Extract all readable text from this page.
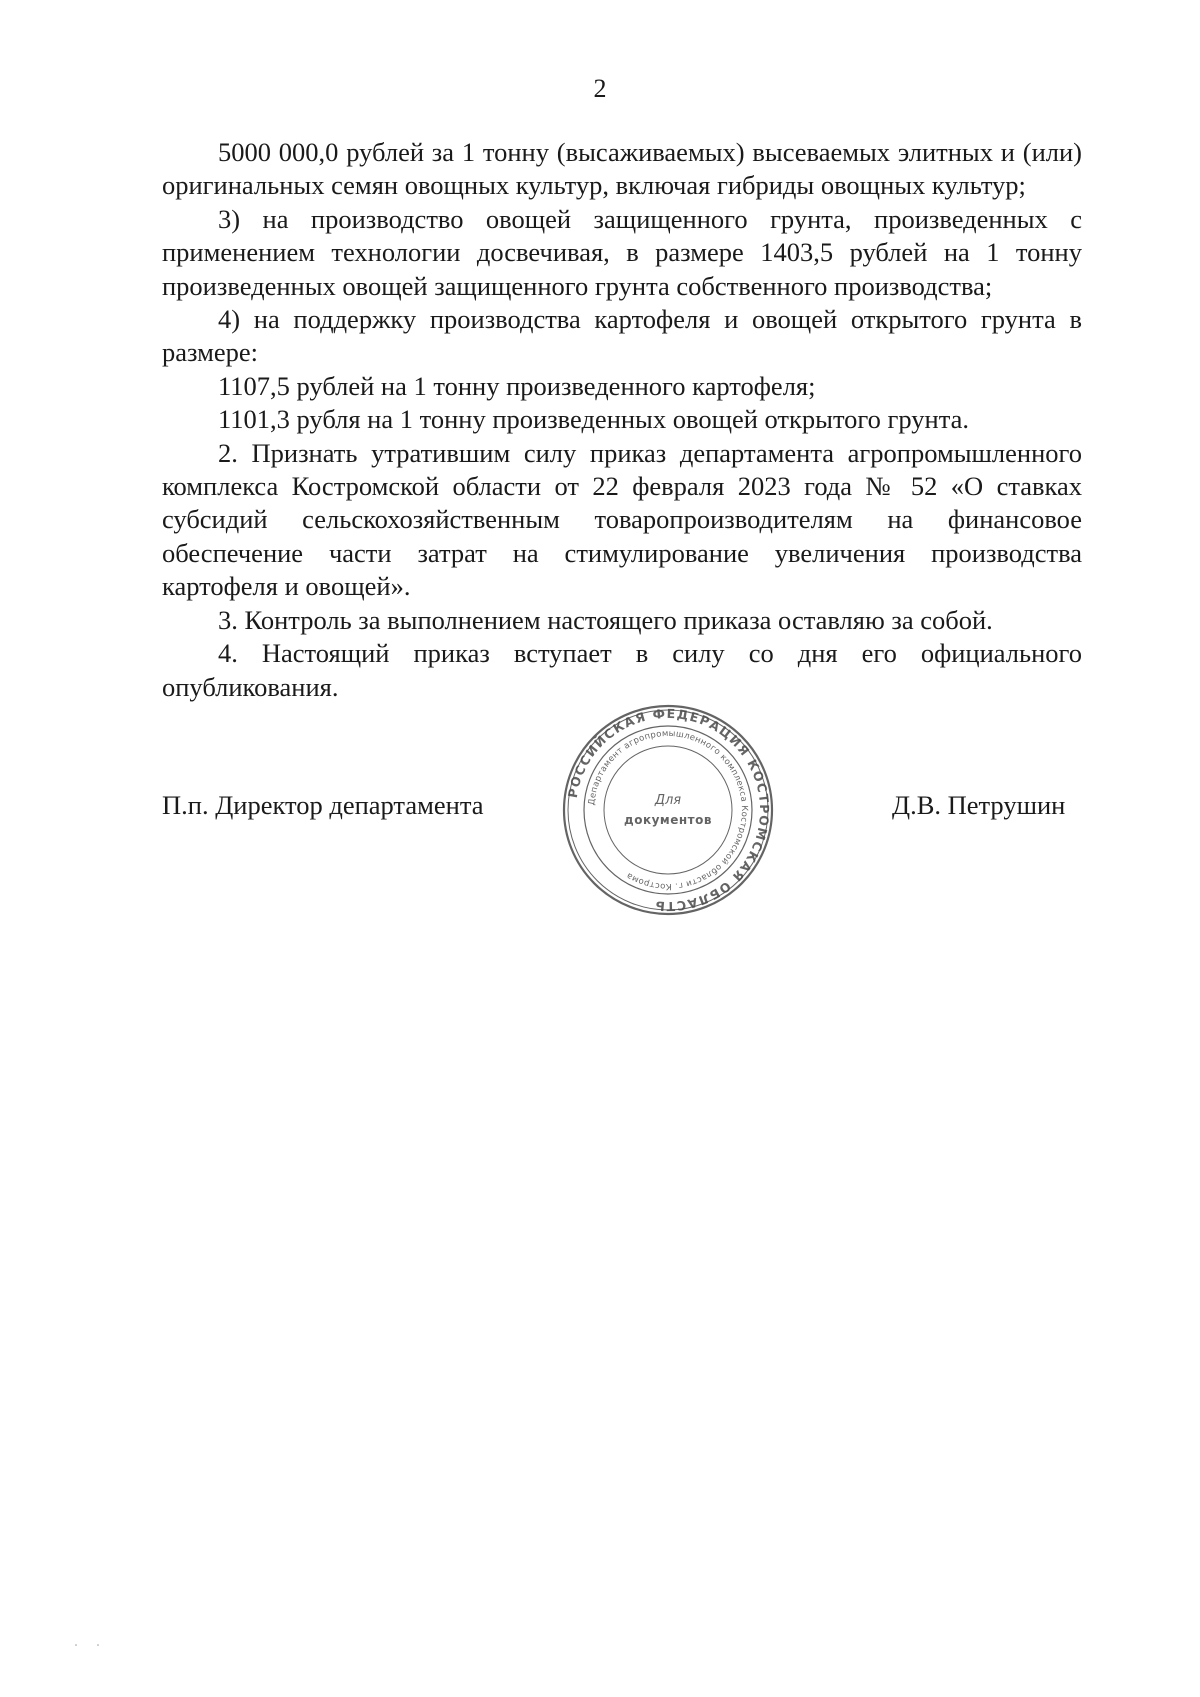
2

5000 000,0 рублей за 1 тонну (высаживаемых) высеваемых элитных и (или) оригинальных семян овощных культур, включая гибриды овощных культур;

3) на производство овощей защищенного грунта, произведенных с применением технологии досвечивая, в размере 1403,5 рублей на 1 тонну произведенных овощей защищенного грунта собственного производства;

4) на поддержку производства картофеля и овощей открытого грунта в размере:

1107,5 рублей на 1 тонну произведенного картофеля;

1101,3 рубля на 1 тонну произведенных овощей открытого грунта.

2. Признать утратившим силу приказ департамента агропромышленного комплекса Костромской области от 22 февраля 2023 года № 52 «О ставках субсидий сельскохозяйственным товаропроизводителям на финансовое обеспечение части затрат на стимулирование увеличения производства картофеля и овощей».

3. Контроль за выполнением настоящего приказа оставляю за собой.

4. Настоящий приказ вступает в силу со дня его официального опубликования.

РОССИЙСКАЯ ФЕДЕРАЦИЯ КОСТРОМСКАЯ ОБЛАСТЬ
Департамент агропромышленного комплекса Костромской области г. Кострома
Для
документов
П.п. Директор департамента	Д.В. Петрушин
